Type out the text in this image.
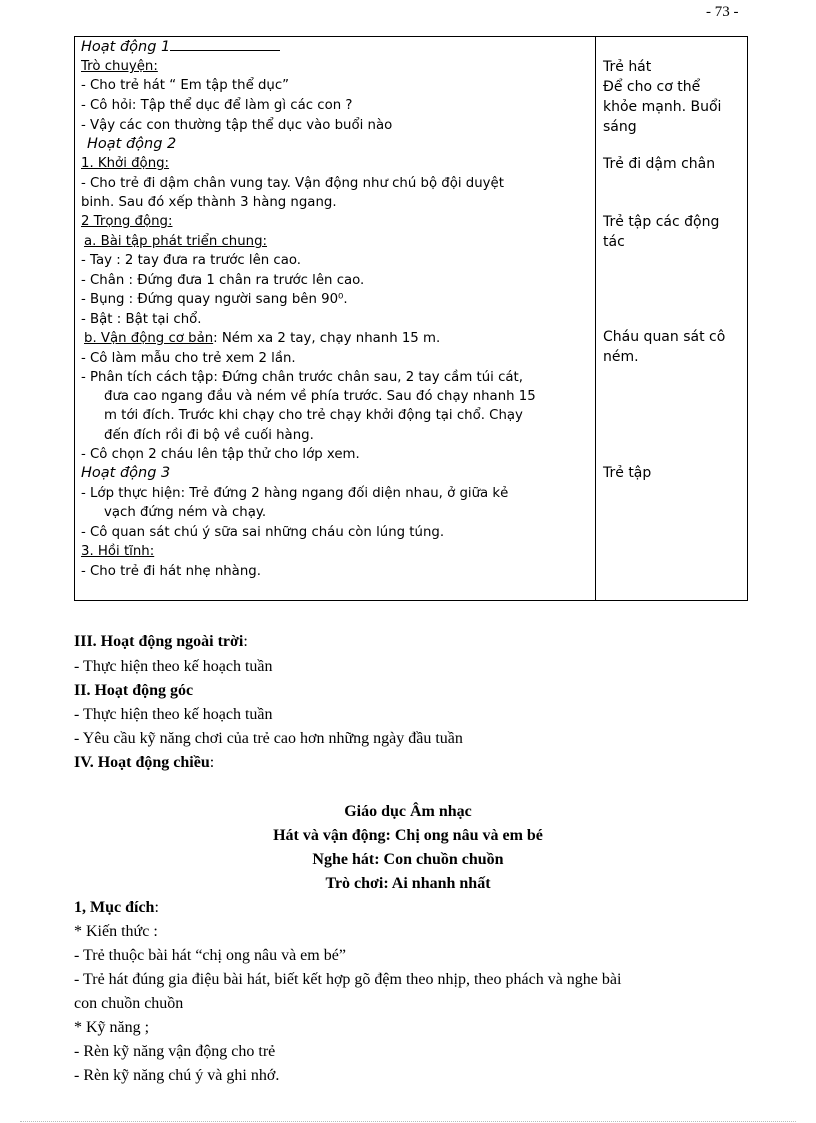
- 73 -
Hoạt động 1
Trò chuyện:
- Cho trẻ hát “ Em tập thể dục”
- Cô hỏi: Tập thể dục để làm gì các con ?
- Vậy các con thường tập thể dục vào buổi nào
Hoạt động 2
1. Khởi động:
- Cho trẻ đi dậm chân vung tay. Vận động như chú bộ đội duyệt
binh. Sau đó xếp thành 3 hàng ngang.
2 Trọng động:
a. Bài tập phát triển chung:
- Tay : 2 tay đưa ra trước lên cao.
- Chân : Đứng đưa 1 chân ra trước lên cao.
- Bụng : Đứng quay người sang bên 90⁰.
- Bật : Bật tại chổ.
b. Vận động cơ bản: Ném xa 2 tay, chạy nhanh 15 m.
- Cô làm mẫu cho trẻ xem 2 lần.
- Phân tích cách tập: Đứng chân trước chân sau, 2 tay cầm túi cát,
đưa cao ngang đầu và ném về phía trước. Sau đó chạy nhanh 15
m tới đích. Trước khi chạy cho trẻ chạy khởi động tại chổ. Chạy
đến đích rồi đi bộ về cuối hàng.
- Cô chọn 2 cháu lên tập thử cho lớp xem.
Hoạt động 3
- Lớp thực hiện: Trẻ đứng 2 hàng ngang đối diện nhau, ở giữa kẻ
vạch đứng ném và chạy.
- Cô quan sát chú ý sữa sai những cháu còn lúng túng.
3. Hồi tĩnh:
- Cho trẻ đi hát nhẹ nhàng.
Trẻ hát
Để cho cơ thể
khỏe mạnh. Buổi
sáng
Trẻ đi dậm chân
Trẻ tập các động
tác
Cháu quan sát cô
ném.
Trẻ tập
III. Hoạt động ngoài trời:
- Thực hiện theo kế hoạch tuần
II. Hoạt động góc
- Thực hiện theo kế hoạch tuần
- Yêu cầu kỹ năng chơi của trẻ cao hơn những ngày đầu tuần
IV. Hoạt động chiều:
Giáo dục Âm nhạc
Hát và vận động: Chị ong nâu và em bé
Nghe hát: Con chuồn chuồn
Trò chơi: Ai nhanh nhất
1, Mục đích:
* Kiến thức :
- Trẻ thuộc bài hát “chị ong nâu và em bé”
- Trẻ hát đúng gia điệu bài hát, biết kết hợp gõ đệm theo nhịp, theo phách và nghe bài
con chuồn chuồn
* Kỹ năng ;
- Rèn kỹ năng vận động cho trẻ
- Rèn kỹ năng chú ý và ghi nhớ.
